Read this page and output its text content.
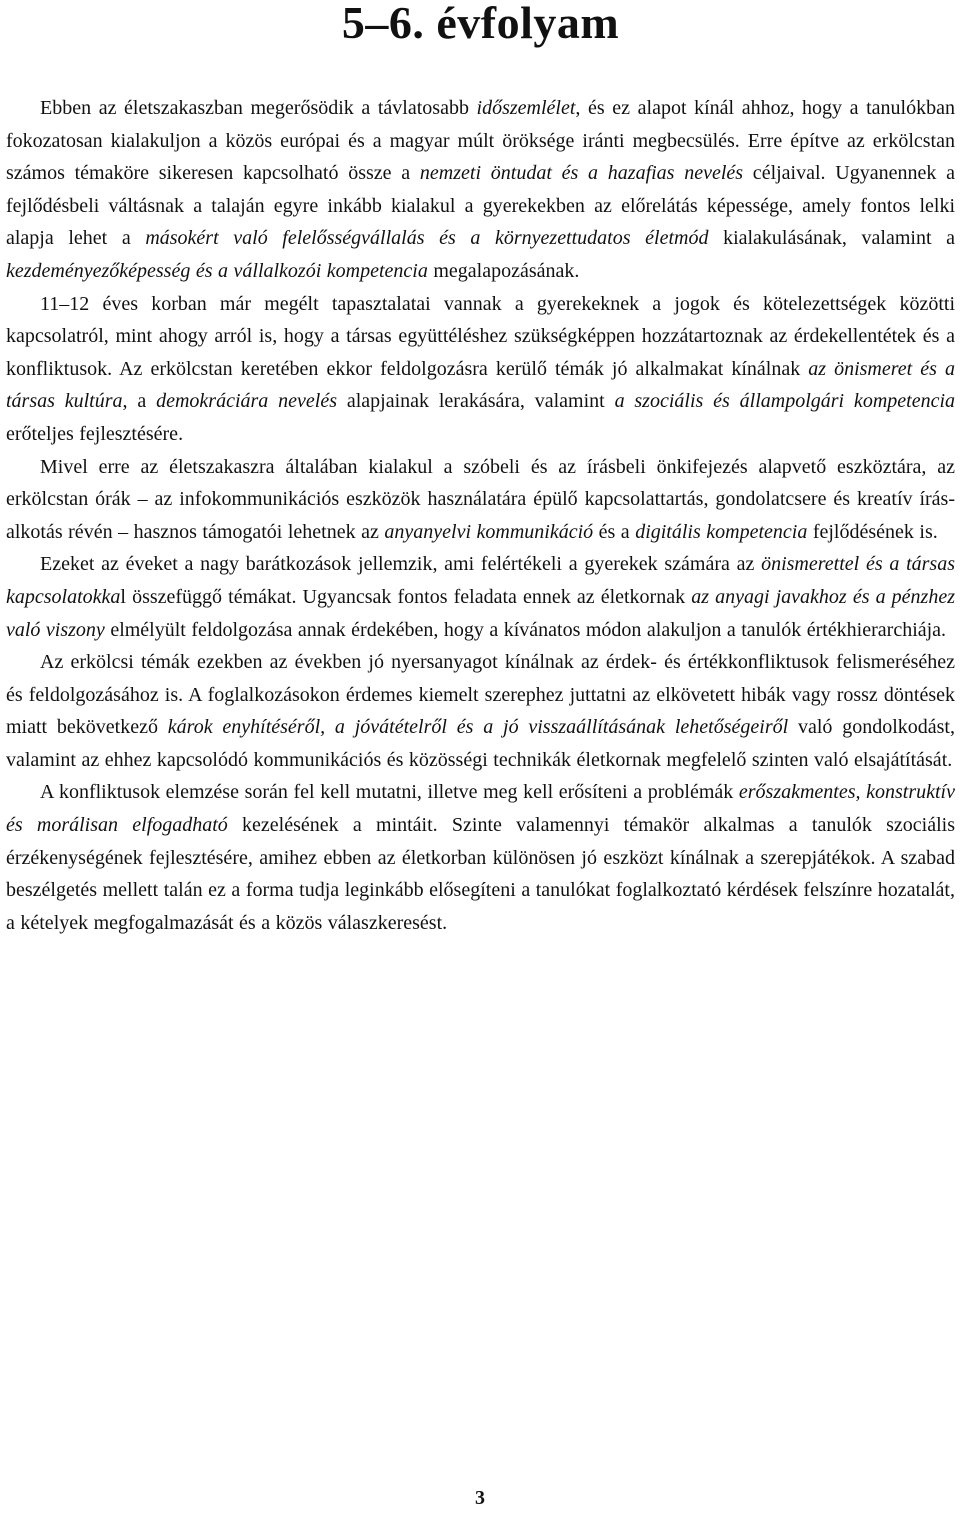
5–6. évfolyam

Ebben az életszakaszban megerősödik a távlatosabb időszemlélet, és ez alapot kínál ahhoz, hogy a tanulókban fokozatosan kialakuljon a közös európai és a magyar múlt öröksége iránti megbecsülés. Erre építve az erkölcstan számos témaköre sikeresen kapcsolható össze a nemzeti öntudat és a hazafias nevelés céljaival. Ugyanennek a fejlődésbeli váltásnak a talaján egyre inkább kialakul a gyerekekben az előrelátás képessége, amely fontos lelki alapja lehet a másokért való felelősségvállalás és a környezettudatos életmód kialakulásának, valamint a kezdeményezőképesség és a vállalkozói kompetencia megalapozásának.

11–12 éves korban már megélt tapasztalatai vannak a gyerekeknek a jogok és kötelezettségek közötti kapcsolatról, mint ahogy arról is, hogy a társas együttéléshez szükségképpen hozzátartoznak az érdekellentétek és a konfliktusok. Az erkölcstan keretében ekkor feldolgozásra kerülő témák jó alkalmakat kínálnak az önismeret és a társas kultúra, a demokráciára nevelés alapjainak lerakására, valamint a szociális és állampolgári kompetencia erőteljes fejlesztésére.

Mivel erre az életszakaszra általában kialakul a szóbeli és az írásbeli önkifejezés alapvető eszköztára, az erkölcstan órák – az infokommunikációs eszközök használatára épülő kapcsolattartás, gondolatcsere és kreatív írás-alkotás révén – hasznos támogatói lehetnek az anyanyelvi kommunikáció és a digitális kompetencia fejlődésének is.

Ezeket az éveket a nagy barátkozások jellemzik, ami felértékeli a gyerekek számára az önismerettel és a társas kapcsolatokkal összefüggő témákat. Ugyancsak fontos feladata ennek az életkornak az anyagi javakhoz és a pénzhez való viszony elmélyült feldolgozása annak érdekében, hogy a kívánatos módon alakuljon a tanulók értékhierarchiája.

Az erkölcsi témák ezekben az években jó nyersanyagot kínálnak az érdek- és értékkonfliktusok felismeréséhez és feldolgozásához is. A foglalkozásokon érdemes kiemelt szerephez juttatni az elkövetett hibák vagy rossz döntések miatt bekövetkező károk enyhítéséről, a jóvátételről és a jó visszaállításának lehetőségeiről való gondolkodást, valamint az ehhez kapcsolódó kommunikációs és közösségi technikák életkornak megfelelő szinten való elsajátítását.

A konfliktusok elemzése során fel kell mutatni, illetve meg kell erősíteni a problémák erőszakmentes, konstruktív és morálisan elfogadható kezelésének a mintáit. Szinte valamennyi témakör alkalmas a tanulók szociális érzékenységének fejlesztésére, amihez ebben az életkorban különösen jó eszközt kínálnak a szerepjátékok. A szabad beszélgetés mellett talán ez a forma tudja leginkább elősegíteni a tanulókat foglalkoztató kérdések felszínre hozatalát, a kételyek megfogalmazását és a közös válaszkeresést.

3
